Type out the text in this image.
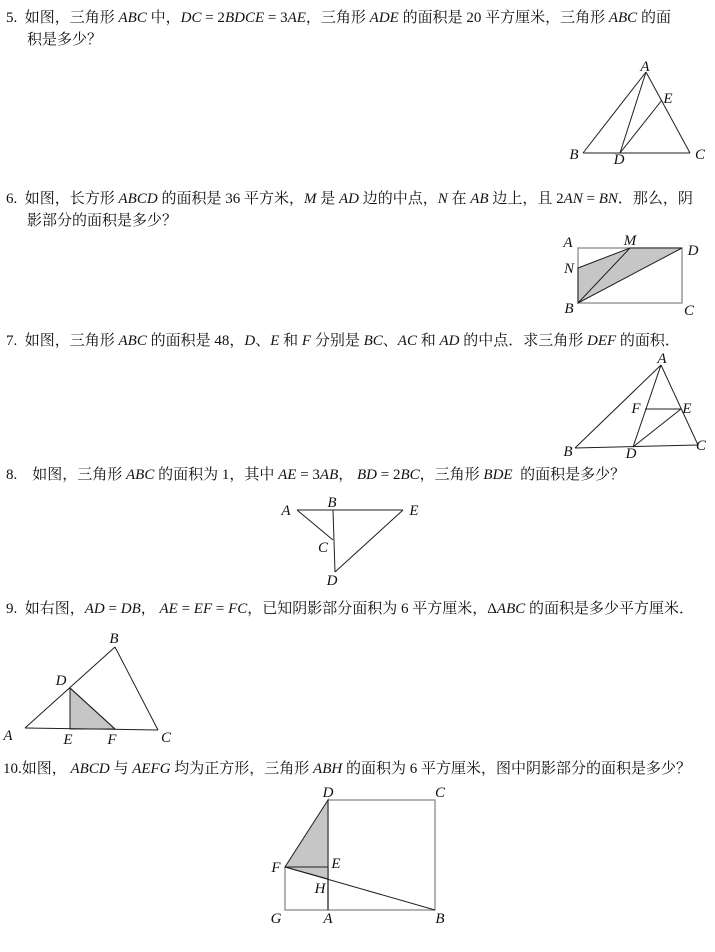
5.  如图，三角形 ABC 中，DC = 2BDCE = 3AE，三角形 ADE 的面积是 20 平方厘米，三角形 ABC 的面
积是多少？
6.  如图，长方形 ABCD 的面积是 36 平方米，M 是 AD 边的中点，N 在 AB 边上，且 2AN = BN．那么，阴
影部分的面积是多少？
7.  如图，三角形 ABC 的面积是 48，D、E 和 F 分别是 BC、AC 和 AD 的中点．求三角形 DEF 的面积．
8.    如图，三角形 ABC 的面积为 1，其中 AE = 3AB， BD = 2BC，三角形 BDE  的面积是多少？
9.  如右图，AD = DB， AE = EF = FC，已知阴影部分面积为 6 平方厘米，ΔABC 的面积是多少平方厘米．
10.如图， ABCD 与 AEFG 均为正方形，三角形 ABH 的面积为 6 平方厘米，图中阴影部分的面积是多少？
A
E
B D	C
A	M
D
N
B	C
A
B	C
D
E
F
A B	E
C
D
A
B
C
D
E F
D	C
F	E
H
G	A	B
